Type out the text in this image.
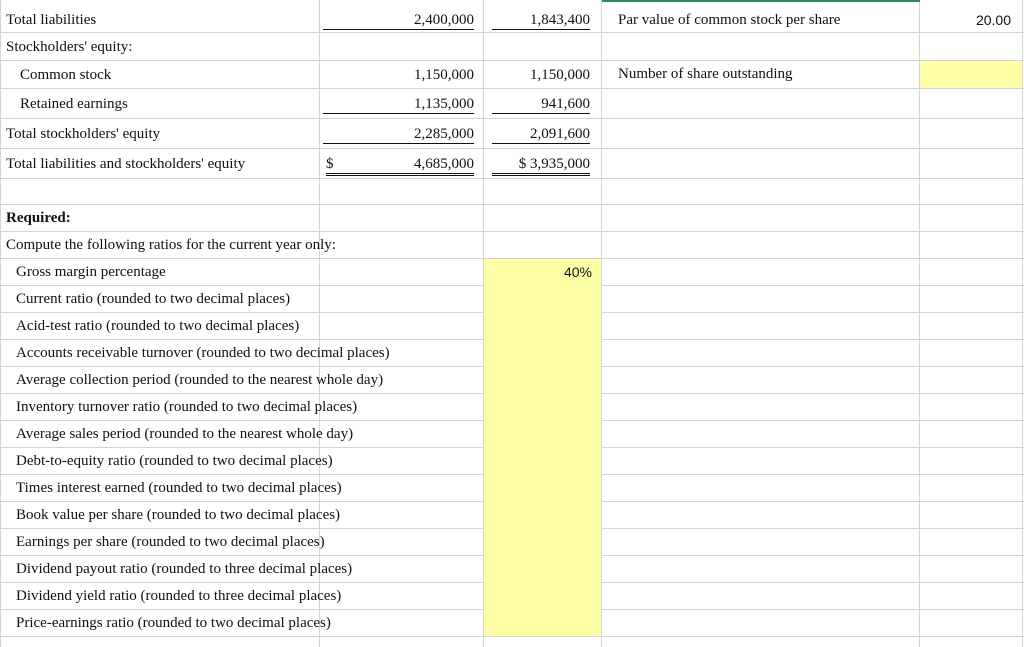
Total liabilities	2,400,000	1,843,400
Stockholders' equity:
Common stock	1,150,000	1,150,000
Retained earnings	1,135,000	941,600
Total stockholders' equity	2,285,000	2,091,600
Total liabilities and stockholders' equity	$	4,685,000	$ 3,935,000
Par value of common stock per share	20.00
Number of share outstanding
Required:
Compute the following ratios for the current year only:
Gross margin percentage	40%
Current ratio (rounded to two decimal places)
Acid-test ratio (rounded to two decimal places)
Accounts receivable turnover (rounded to two decimal places)
Average collection period (rounded to the nearest whole day)
Inventory turnover ratio (rounded to two decimal places)
Average sales period (rounded to the nearest whole day)
Debt-to-equity ratio (rounded to two decimal places)
Times interest earned (rounded to two decimal places)
Book value per share (rounded to two decimal places)
Earnings per share (rounded to two decimal places)
Dividend payout ratio (rounded to three decimal places)
Dividend yield ratio (rounded to three decimal places)
Price-earnings ratio (rounded to two decimal places)
